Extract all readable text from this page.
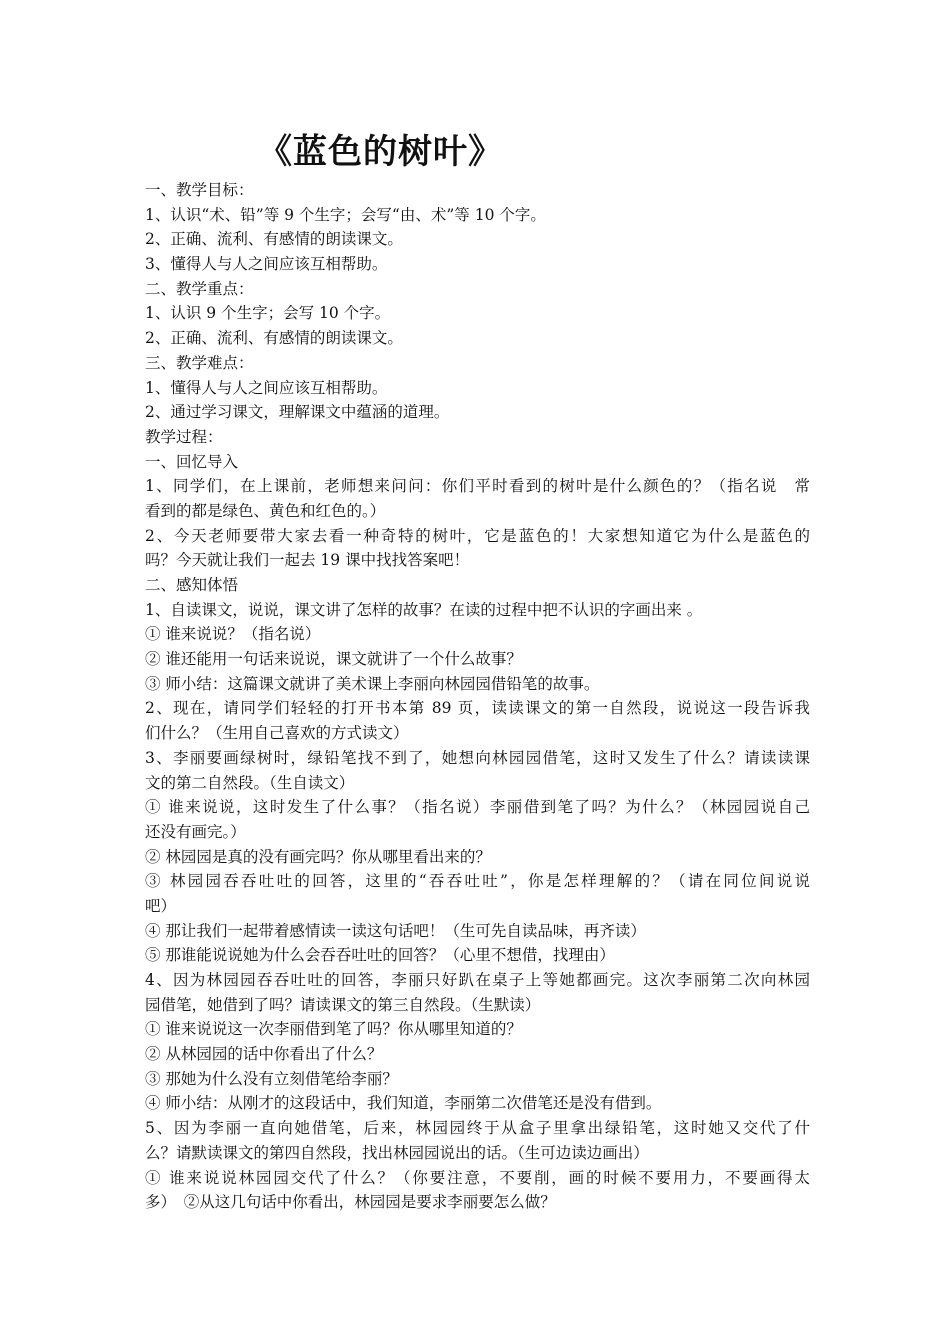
《蓝色的树叶》
一、教学目标：
1、认识“术、铅”等 9 个生字；会写“由、术”等 10 个字。
2、正确、流利、有感情的朗读课文。
3、懂得人与人之间应该互相帮助。
二、教学重点：
1、认识 9 个生字；会写 10 个字。
2、正确、流利、有感情的朗读课文。
三、教学难点：
1、懂得人与人之间应该互相帮助。
2、通过学习课文，理解课文中蕴涵的道理。
教学过程：
一、回忆导入
1、同学们，在上课前，老师想来问问：你们平时看到的树叶是什么颜色的？（指名说　常
看到的都是绿色、黄色和红色的。）
2、今天老师要带大家去看一种奇特的树叶，它是蓝色的！大家想知道它为什么是蓝色的
吗？今天就让我们一起去 19 课中找找答案吧！
二、感知体悟
1、自读课文，说说，课文讲了怎样的故事？在读的过程中把不认识的字画出来 。
① 谁来说说？（指名说）
② 谁还能用一句话来说说，课文就讲了一个什么故事？
③ 师小结：这篇课文就讲了美术课上李丽向林园园借铅笔的故事。
2、现在，请同学们轻轻的打开书本第 89 页，读读课文的第一自然段，说说这一段告诉我
们什么？（生用自己喜欢的方式读文）
3、李丽要画绿树时，绿铅笔找不到了，她想向林园园借笔，这时又发生了什么？请读读课
文的第二自然段。（生自读文）
① 谁来说说，这时发生了什么事？（指名说）李丽借到笔了吗？为什么？（林园园说自己
还没有画完。）
② 林园园是真的没有画完吗？你从哪里看出来的？
③ 林园园吞吞吐吐的回答，这里的“吞吞吐吐”，你是怎样理解的？（请在同位间说说
吧）
④ 那让我们一起带着感情读一读这句话吧！（生可先自读品味，再齐读）
⑤ 那谁能说说她为什么会吞吞吐吐的回答？（心里不想借，找理由）
4、因为林园园吞吞吐吐的回答，李丽只好趴在桌子上等她都画完。这次李丽第二次向林园
园借笔，她借到了吗？请读课文的第三自然段。（生默读）
① 谁来说说这一次李丽借到笔了吗？你从哪里知道的？
② 从林园园的话中你看出了什么？
③ 那她为什么没有立刻借笔给李丽？
④ 师小结：从刚才的这段话中，我们知道，李丽第二次借笔还是没有借到。
5、因为李丽一直向她借笔，后来，林园园终于从盒子里拿出绿铅笔，这时她又交代了什
么？请默读课文的第四自然段，找出林园园说出的话。（生可边读边画出）
① 谁来说说林园园交代了什么？（你要注意，不要削，画的时候不要用力，不要画得太
多）　②从这几句话中你看出，林园园是要求李丽要怎么做？
